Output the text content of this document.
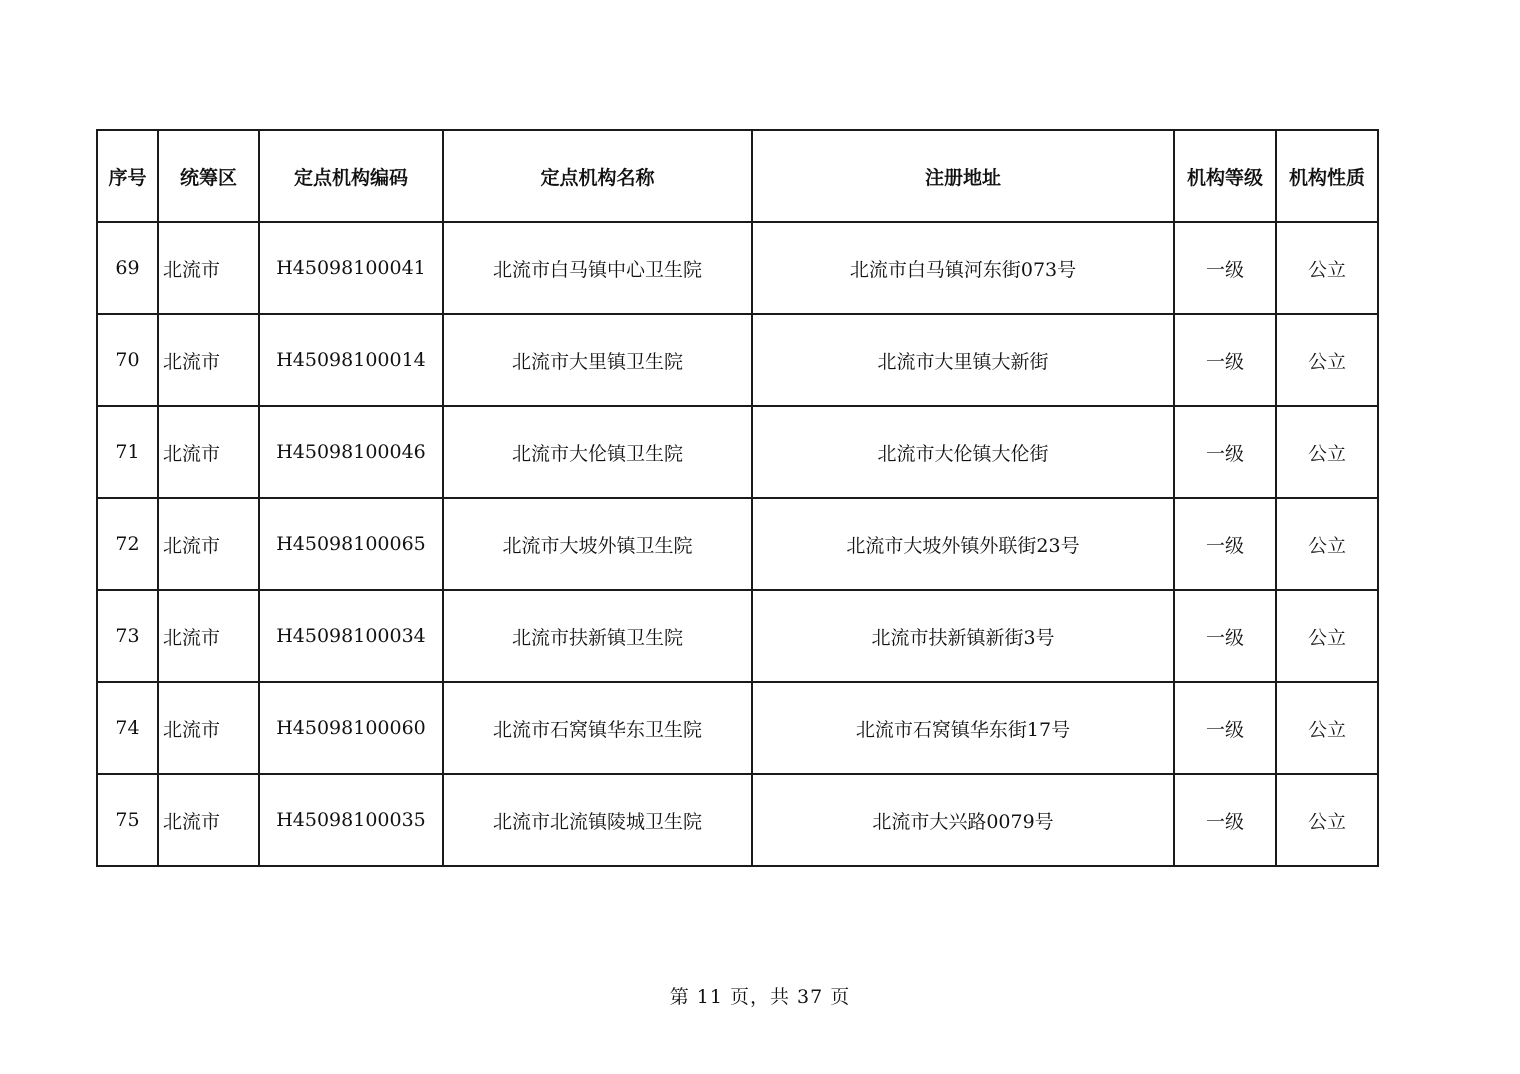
序号	统筹区	定点机构编码	定点机构名称	注册地址	机构等级	机构性质
69	北流市	H45098100041	北流市白马镇中心卫生院	北流市白马镇河东街073号	一级	公立
70	北流市	H45098100014	北流市大里镇卫生院	北流市大里镇大新街	一级	公立
71	北流市	H45098100046	北流市大伦镇卫生院	北流市大伦镇大伦街	一级	公立
72	北流市	H45098100065	北流市大坡外镇卫生院	北流市大坡外镇外联街23号	一级	公立
73	北流市	H45098100034	北流市扶新镇卫生院	北流市扶新镇新街3号	一级	公立
74	北流市	H45098100060	北流市石窝镇华东卫生院	北流市石窝镇华东街17号	一级	公立
75	北流市	H45098100035	北流市北流镇陵城卫生院	北流市大兴路0079号	一级	公立
第 11 页，共 37 页
